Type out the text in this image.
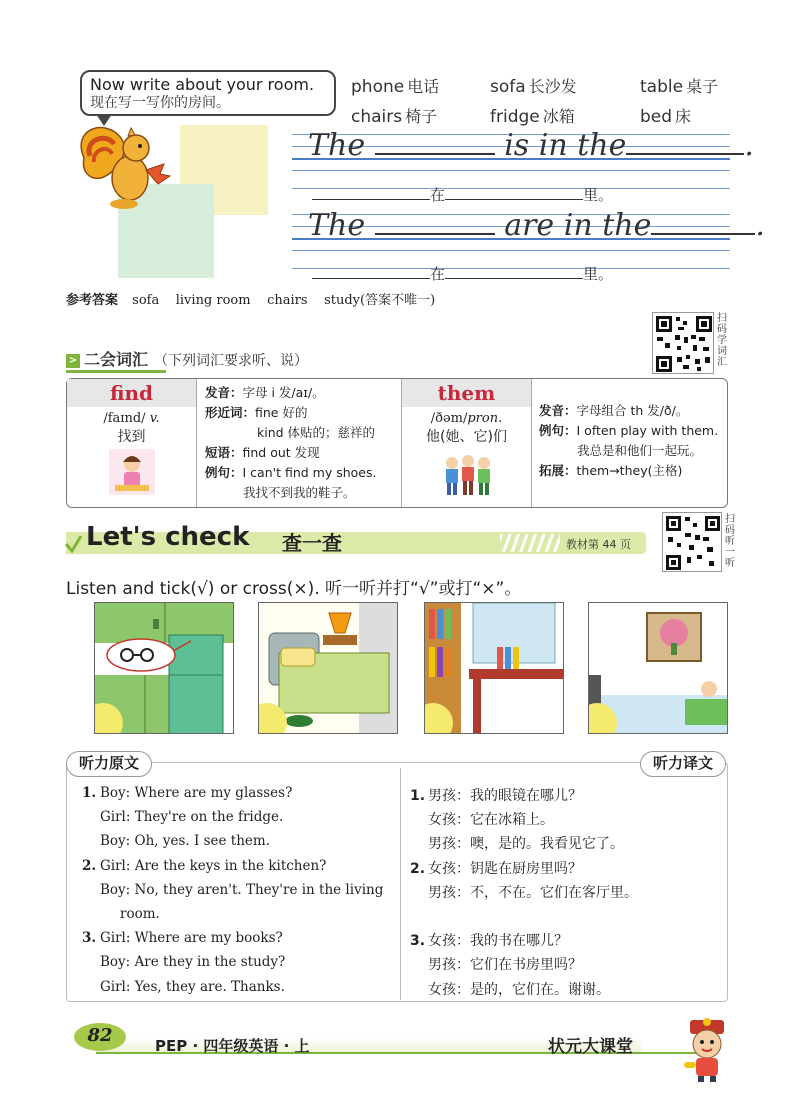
Now write about your room.
现在写一写你的房间。
phone 电话	sofa 长沙发	table 桌子
chairs 椅子	fridge 冰箱	bed 床
The	is in the	.
在	里。
The	are in the	.
在	里。
参考答案 sofa    living room    chairs    study(答案不唯一)
扫码学词汇
> 二会词汇 （下列词汇要求听、说）
find
/faɪnd/ v.
找到
发音：字母 i 发/aɪ/。
形近词：fine 好的
kind 体贴的；慈祥的
短语：find out 发现
例句：I can't find my shoes.
我找不到我的鞋子。
them
/ðəm/pron.
他(她、它)们
发音：字母组合 th 发/ð/。
例句：I often play with them.
我总是和他们一起玩。
拓展：them→they(主格)
Let's check 查一查	教材第 44 页
扫码听一听
Listen and tick(√) or cross(×). 听一听并打“√”或打“×”。
听力原文	听力译文
1. Boy: Where are my glasses?
Girl: They're on the fridge.
Boy: Oh, yes. I see them.
2. Girl: Are the keys in the kitchen?
Boy: No, they aren't. They're in the living
room.
3. Girl: Where are my books?
Boy: Are they in the study?
Girl: Yes, they are. Thanks.
1. 男孩：我的眼镜在哪儿？
女孩：它在冰箱上。
男孩：噢，是的。我看见它了。
2. 女孩：钥匙在厨房里吗？
男孩：不，不在。它们在客厅里。
3. 女孩：我的书在哪儿？
男孩：它们在书房里吗？
女孩：是的，它们在。谢谢。
82	PEP · 四年级英语 · 上	状元大课堂
